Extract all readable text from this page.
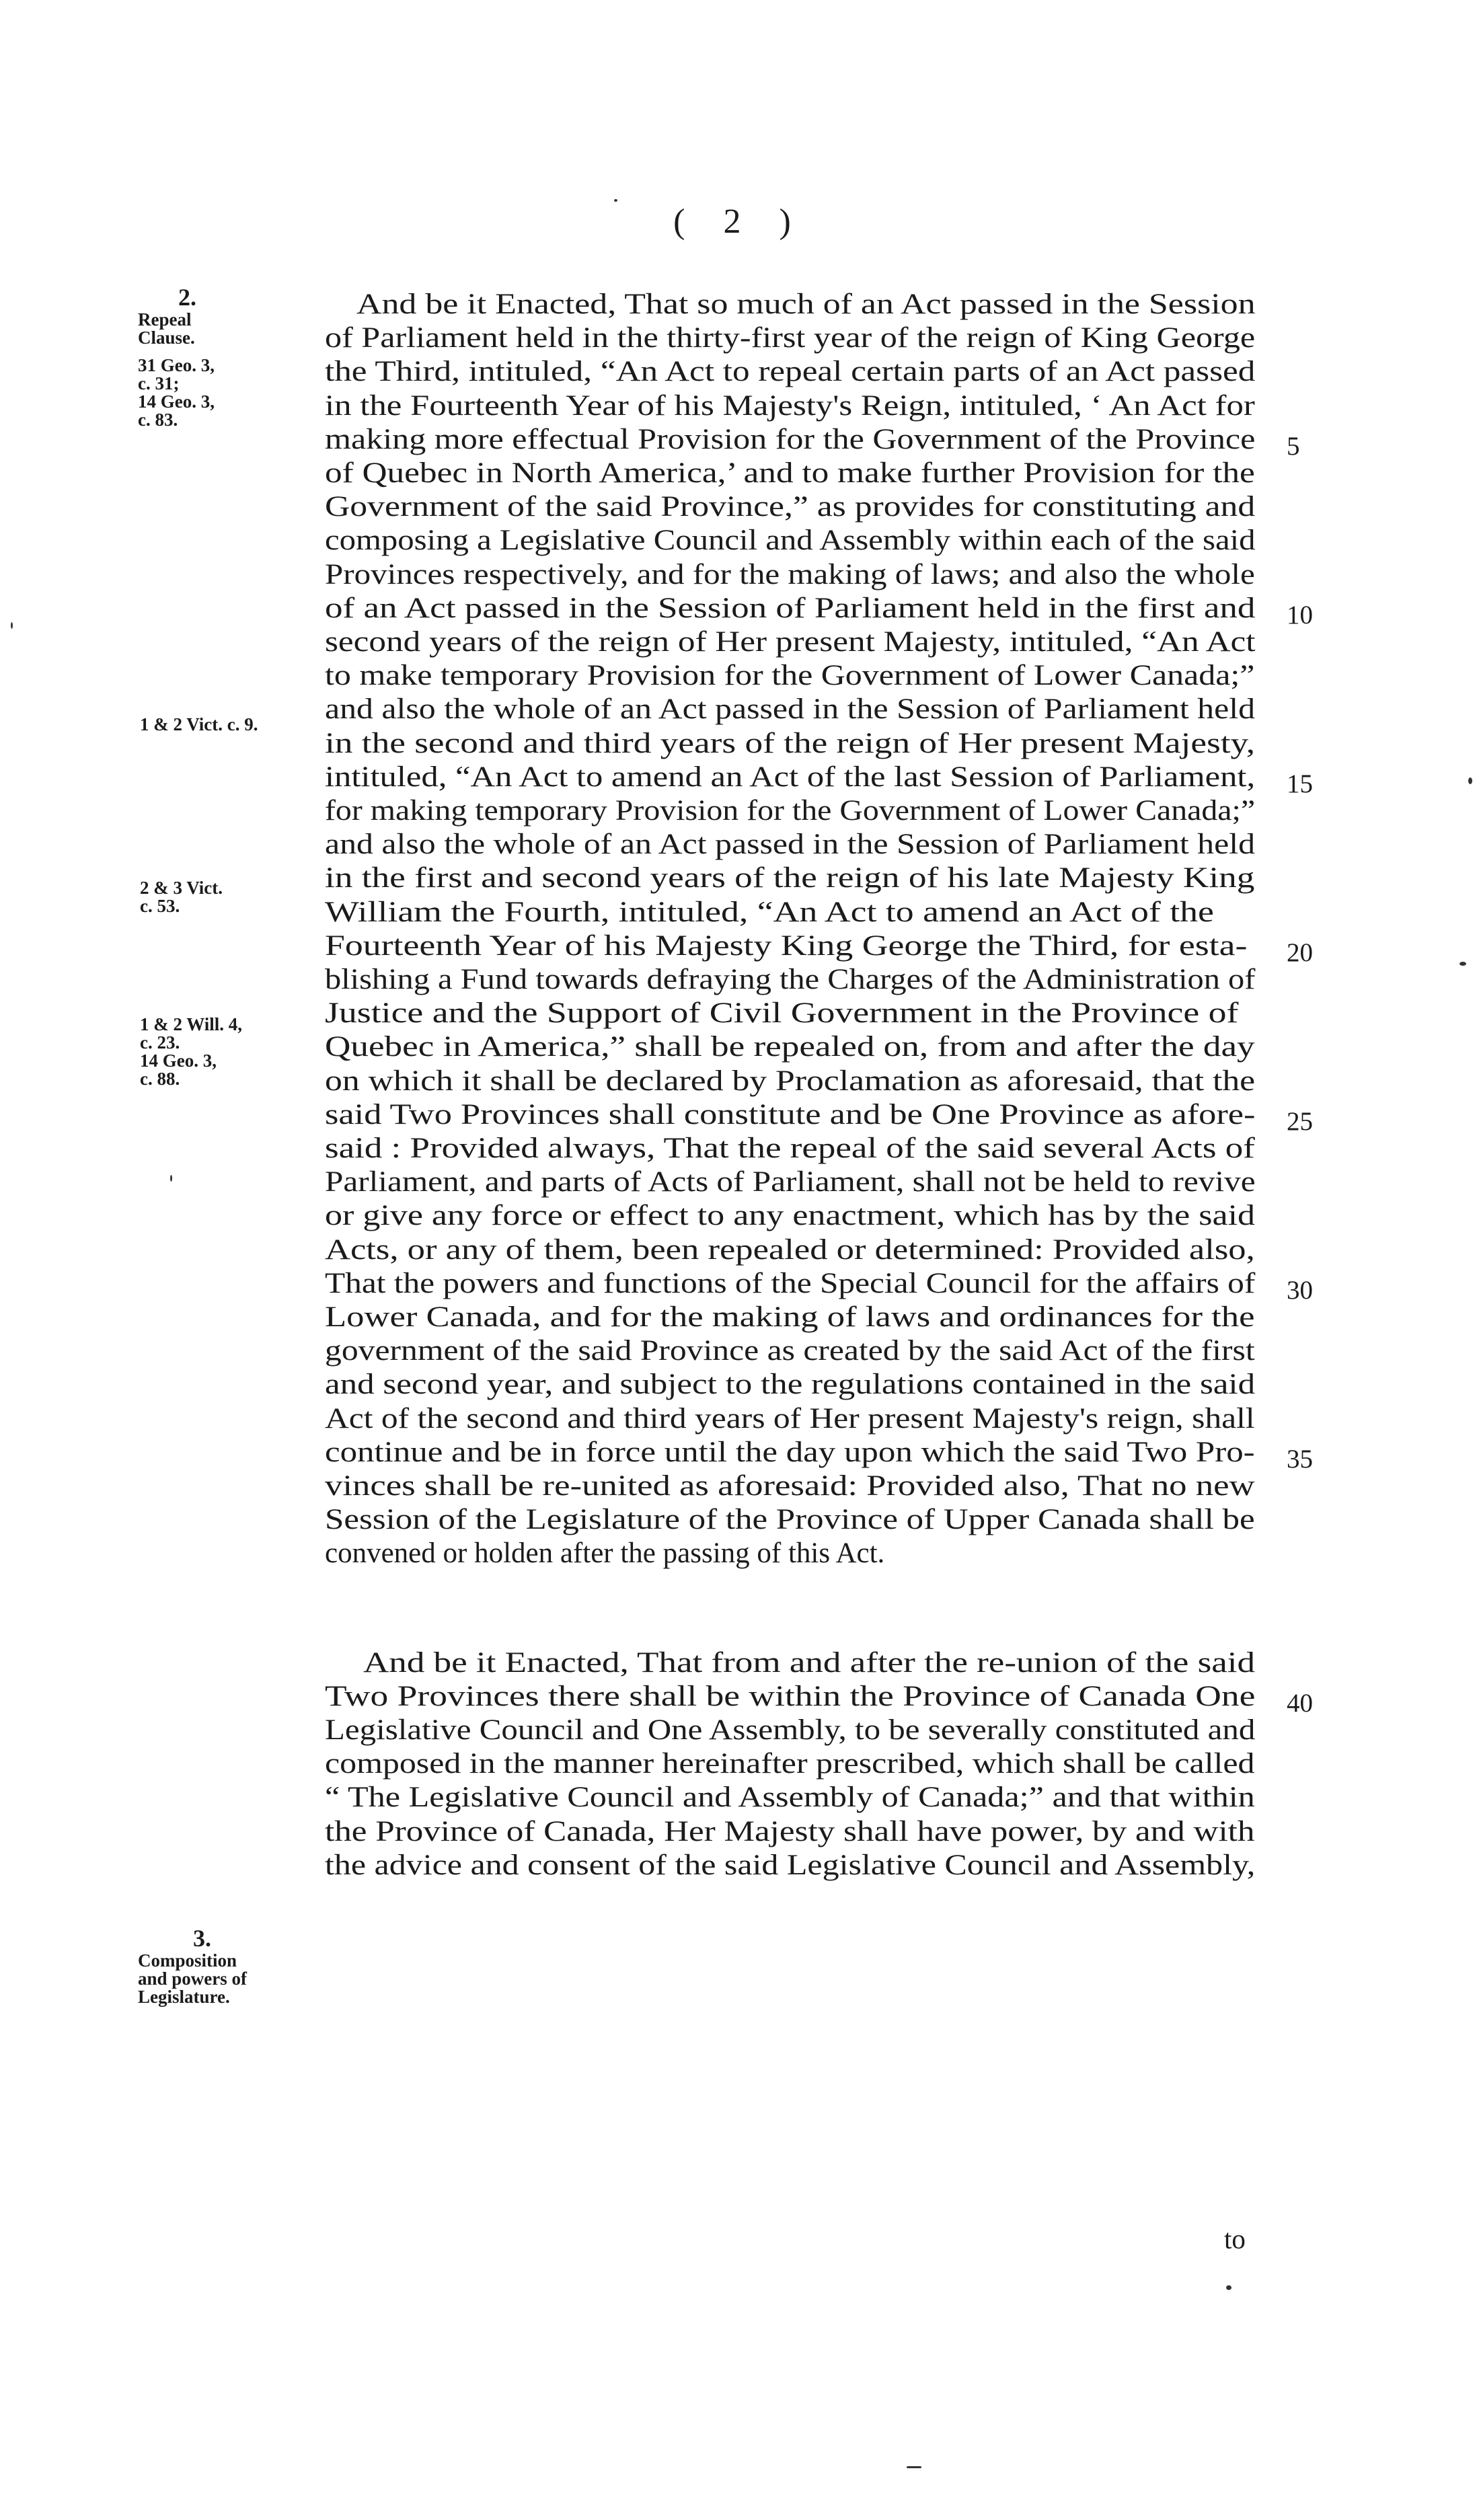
( 2 )
2.
Repeal
Clause.
31 Geo. 3,
c. 31;
14 Geo. 3,
c. 83.
1 & 2 Vict. c. 9.
2 & 3 Vict.
c. 53.
1 & 2 Will. 4,
c. 23.
14 Geo. 3,
c. 88.
3.
Composition
and powers of
Legislature.
And be it Enacted, That so much of an Act passed in the Session
of Parliament held in the thirty-first year of the reign of King George
the Third, intituled, “An Act to repeal certain parts of an Act passed
in the Fourteenth Year of his Majesty's Reign, intituled, ‘ An Act for
making more effectual Provision for the Government of the Province
of Quebec in North America,’ and to make further Provision for the
Government of the said Province,” as provides for constituting and
composing a Legislative Council and Assembly within each of the said
Provinces respectively, and for the making of laws; and also the whole
of an Act passed in the Session of Parliament held in the first and
second years of the reign of Her present Majesty, intituled, “An Act
to make temporary Provision for the Government of Lower Canada;”
and also the whole of an Act passed in the Session of Parliament held
in the second and third years of the reign of Her present Majesty,
intituled, “An Act to amend an Act of the last Session of Parliament,
for making temporary Provision for the Government of Lower Canada;”
and also the whole of an Act passed in the Session of Parliament held
in the first and second years of the reign of his late Majesty King
William the Fourth, intituled, “An Act to amend an Act of the
Fourteenth Year of his Majesty King George the Third, for esta-
blishing a Fund towards defraying the Charges of the Administration of
Justice and the Support of Civil Government in the Province of
Quebec in America,” shall be repealed on, from and after the day
on which it shall be declared by Proclamation as aforesaid, that the
said Two Provinces shall constitute and be One Province as afore-
said : Provided always, That the repeal of the said several Acts of
Parliament, and parts of Acts of Parliament, shall not be held to revive
or give any force or effect to any enactment, which has by the said
Acts, or any of them, been repealed or determined: Provided also,
That the powers and functions of the Special Council for the affairs of
Lower Canada, and for the making of laws and ordinances for the
government of the said Province as created by the said Act of the first
and second year, and subject to the regulations contained in the said
Act of the second and third years of Her present Majesty's reign, shall
continue and be in force until the day upon which the said Two Pro-
vinces shall be re-united as aforesaid: Provided also, That no new
Session of the Legislature of the Province of Upper Canada shall be
convened or holden after the passing of this Act.
And be it Enacted, That from and after the re-union of the said
Two Provinces there shall be within the Province of Canada One
Legislative Council and One Assembly, to be severally constituted and
composed in the manner hereinafter prescribed, which shall be called
“ The Legislative Council and Assembly of Canada;” and that within
the Province of Canada, Her Majesty shall have power, by and with
the advice and consent of the said Legislative Council and Assembly,
5
10
15
20
25
30
35
40
to
